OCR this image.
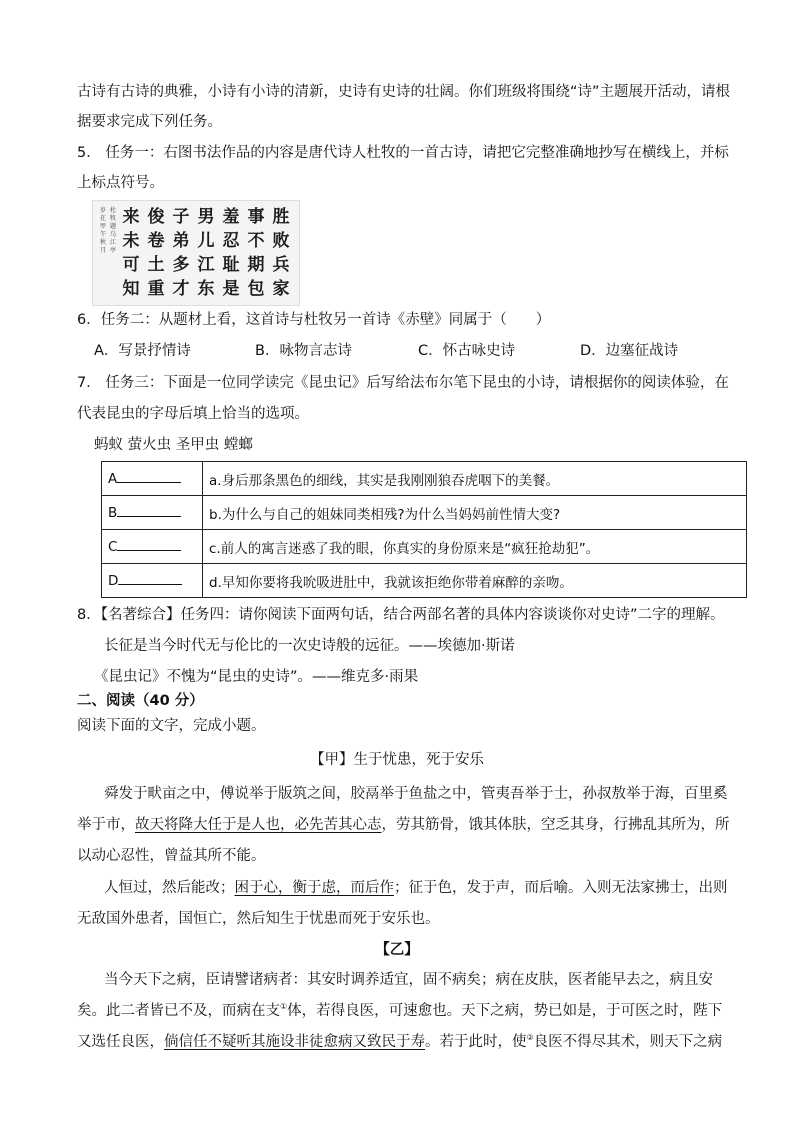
古诗有古诗的典雅，小诗有小诗的清新，史诗有史诗的壮阔。你们班级将围绕“诗”主题展开活动，请根
据要求完成下列任务。
5． 任务一：右图书法作品的内容是唐代诗人杜牧的一首古诗，请把它完整准确地抄写在横线上，并标
上标点符号。
岁在甲午秋月
杜牧题乌江亭
来未可知
俊卷土重
子弟多才
男儿江东
羞忍耻是
事不期包
胜败兵家
6．任务二：从题材上看，这首诗与杜牧另一首诗《赤壁》同属于（　　）
A．写景抒情诗	B．咏物言志诗	C．怀古咏史诗	D．边塞征战诗
7． 任务三：下面是一位同学读完《昆虫记》后写给法布尔笔下昆虫的小诗，请根据你的阅读体验，在
代表昆虫的字母后填上恰当的选项。
蚂蚁 萤火虫 圣甲虫 螳螂
A	a.身后那条黑色的细线，其实是我刚刚狼吞虎咽下的美餐。
B	b.为什么与自己的姐妹同类相残?为什么当妈妈前性情大变?
C	c.前人的寓言迷惑了我的眼，你真实的身份原来是“疯狂抢劫犯”。
D	d.早知你要将我吮吸进肚中，我就该拒绝你带着麻醉的亲吻。
8．【名著综合】任务四：请你阅读下面两句话，结合两部名著的具体内容谈谈你对史诗”二字的理解。
长征是当今时代无与伦比的一次史诗般的远征。——埃德加·斯诺
《昆虫记》不愧为“昆虫的史诗”。——维克多·雨果
二、阅读（40 分）
阅读下面的文字，完成小题。
【甲】生于忧患，死于安乐
舜发于畎亩之中，傅说举于版筑之间，胶鬲举于鱼盐之中，管夷吾举于士，孙叔敖举于海，百里奚
举于市，故天将降大任于是人也，必先苦其心志，劳其筋骨，饿其体肤，空乏其身，行拂乱其所为，所
以动心忍性，曾益其所不能。
人恒过，然后能改；困于心，衡于虑，而后作；征于色，发于声，而后喻。入则无法家拂士，出则
无敌国外患者，国恒亡，然后知生于忧患而死于安乐也。
【乙】
当今天下之病，臣请譬诸病者：其安时调养适宜，固不病矣；病在皮肤，医者能早去之，病且安
矣。此二者皆已不及，而病在支①体，若得良医，可速愈也。天下之病，势已如是，于可医之时，陛下
又选任良医，倘信任不疑听其施设非徒愈病又致民于寿。若于此时，使②良医不得尽其术，则天下之病
